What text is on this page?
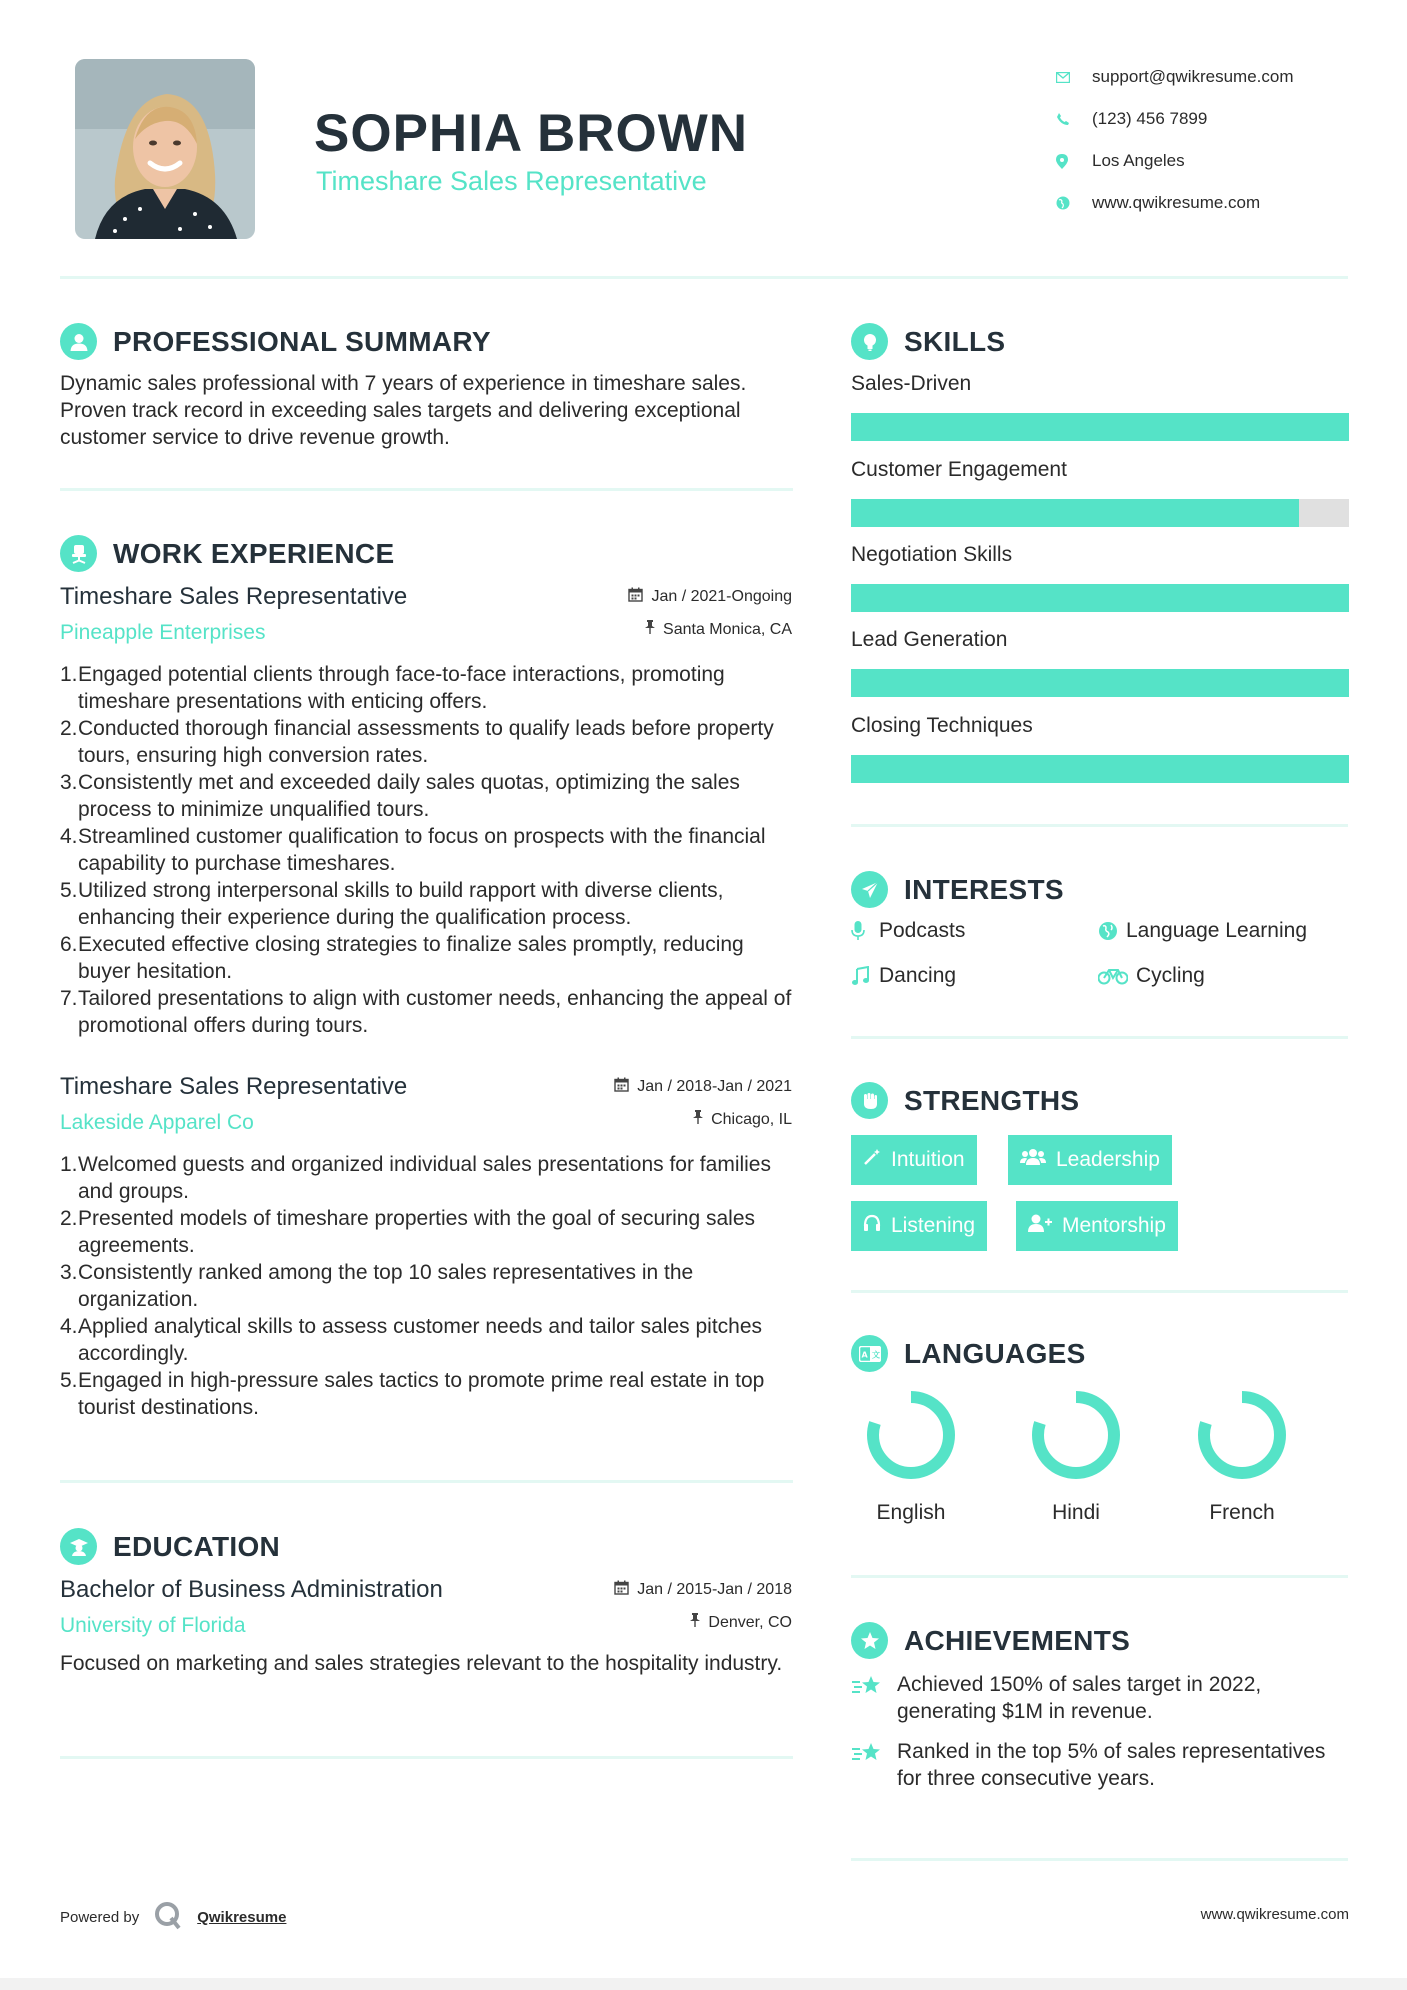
SOPHIA BROWN
Timeshare Sales Representative
support@qwikresume.com
(123) 456 7899
Los Angeles
www.qwikresume.com
PROFESSIONAL SUMMARY
Dynamic sales professional with 7 years of experience in timeshare sales. Proven track record in exceeding sales targets and delivering exceptional customer service to drive revenue growth.
WORK EXPERIENCE
Timeshare Sales Representative
Pineapple Enterprises
Jan / 2021-Ongoing
Santa Monica, CA
1. Engaged potential clients through face-to-face interactions, promoting timeshare presentations with enticing offers.
2. Conducted thorough financial assessments to qualify leads before property tours, ensuring high conversion rates.
3. Consistently met and exceeded daily sales quotas, optimizing the sales process to minimize unqualified tours.
4. Streamlined customer qualification to focus on prospects with the financial capability to purchase timeshares.
5. Utilized strong interpersonal skills to build rapport with diverse clients, enhancing their experience during the qualification process.
6. Executed effective closing strategies to finalize sales promptly, reducing buyer hesitation.
7. Tailored presentations to align with customer needs, enhancing the appeal of promotional offers during tours.
Timeshare Sales Representative
Lakeside Apparel Co
Jan / 2018-Jan / 2021
Chicago, IL
1. Welcomed guests and organized individual sales presentations for families and groups.
2. Presented models of timeshare properties with the goal of securing sales agreements.
3. Consistently ranked among the top 10 sales representatives in the organization.
4. Applied analytical skills to assess customer needs and tailor sales pitches accordingly.
5. Engaged in high-pressure sales tactics to promote prime real estate in top tourist destinations.
EDUCATION
Bachelor of Business Administration
University of Florida
Jan / 2015-Jan / 2018
Denver, CO
Focused on marketing and sales strategies relevant to the hospitality industry.
SKILLS
Sales-Driven
Customer Engagement
Negotiation Skills
Lead Generation
Closing Techniques
INTERESTS
Podcasts	Language Learning
Dancing	Cycling
STRENGTHS
Intuition	Leadership
Listening	Mentorship
A 文 LANGUAGES
English	Hindi	French
ACHIEVEMENTS
Achieved 150% of sales target in 2022, generating $1M in revenue.
Ranked in the top 5% of sales representatives for three consecutive years.
Powered by	Qwikresume	www.qwikresume.com
